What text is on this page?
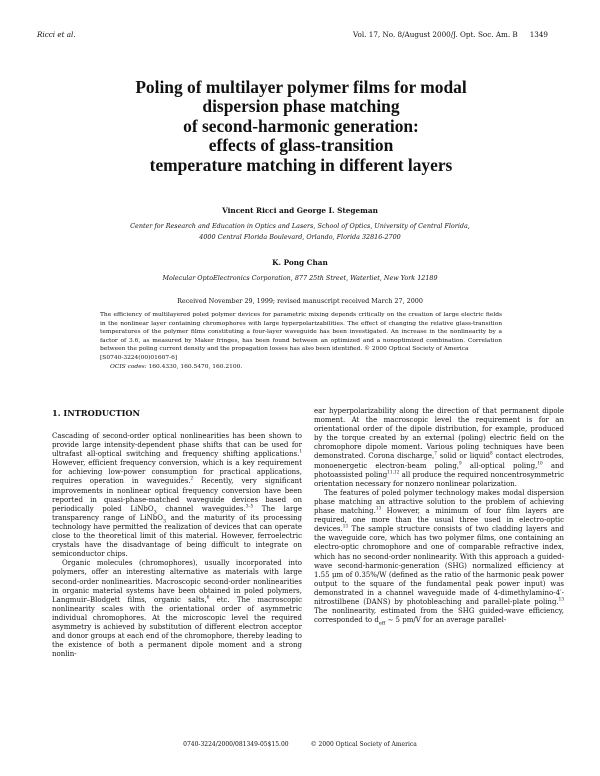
Ricci et al.	Vol. 17, No. 8/August 2000/J. Opt. Soc. Am. B 1349
Poling of multilayer polymer films for modal
dispersion phase matching
of second-harmonic generation:
effects of glass-transition
temperature matching in different layers
Vincent Ricci and George I. Stegeman
Center for Research and Education in Optics and Lasers, School of Optics, University of Central Florida,
4000 Central Florida Boulevard, Orlando, Florida 32816-2700
K. Pong Chan
Molecular OptoElectronics Corporation, 877 25th Street, Waterliet, New York 12189
Received November 29, 1999; revised manuscript received March 27, 2000

The efficiency of multilayered poled polymer devices for parametric mixing depends critically on the creation of large electric fields in the nonlinear layer containing chromophores with large hyperpolarizabilities. The effect of changing the relative glass-transition temperatures of the polymer films constituting a four-layer waveguide has been investigated. An increase in the nonlinearity by a factor of 3.6, as measured by Maker fringes, has been found between an optimized and a nonoptimized combination. Correlation between the poling current density and the propagation losses has also been identified. © 2000 Optical Society of America
[S0740-3224(00)01607-6]

OCIS codes: 160.4330, 160.5470, 160.2100.

1. INTRODUCTION

Cascading of second-order optical nonlinearities has been shown to provide large intensity-dependent phase shifts that can be used for ultrafast all-optical switching and frequency shifting applications.$^1$ However, efficient frequency conversion, which is a key requirement for achieving low-power consumption for practical applications, requires operation in waveguides.$^2$ Recently, very significant improvements in nonlinear optical frequency conversion have been reported in quasi-phase-matched waveguide devices based on periodically poled LiNbO$_3$ channel waveguides.$^{3-5}$ The large transparency range of LiNbO$_3$ and the maturity of its processing technology have permitted the realization of devices that can operate close to the theoretical limit of this material. However, ferroelectric crystals have the disadvantage of being difficult to integrate on semiconductor chips.

Organic molecules (chromophores), usually incorporated into polymers, offer an interesting alternative as materials with large second-order nonlinearities. Macroscopic second-order nonlinearities in organic material systems have been obtained in poled polymers, Langmuir–Blodgett films, organic salts,$^6$ etc. The macroscopic nonlinearity scales with the orientational order of asymmetric individual chromophores. At the microscopic level the required asymmetry is achieved by substitution of different electron acceptor and donor groups at each end of the chromophore, thereby leading to the existence of both a permanent dipole moment and a strong nonlin-

ear hyperpolarizability along the direction of that permanent dipole moment. At the macroscopic level the requirement is for an orientational order of the dipole distribution, for example, produced by the torque created by an external (poling) electric field on the chromophore dipole moment. Various poling techniques have been demonstrated. Corona discharge,$^7$ solid or liquid$^8$ contact electrodes, monoenergetic electron-beam poling,$^9$ all-optical poling,$^{10}$ and photoassisted poling$^{11,12}$ all produce the required noncentrosymmetric orientation necessary for nonzero nonlinear polarization.

The features of poled polymer technology makes modal dispersion phase matching an attractive solution to the problem of achieving phase matching.$^{13}$ However, a minimum of four film layers are required, one more than the usual three used in electro-optic devices.$^{13}$ The sample structure consists of two cladding layers and the waveguide core, which has two polymer films, one containing an electro-optic chromophore and one of comparable refractive index, which has no second-order nonlinearity. With this approach a guided-wave second-harmonic-generation (SHG) normalized efficiency at 1.55 μm of 0.35%/W (defined as the ratio of the harmonic peak power output to the square of the fundamental peak power input) was demonstrated in a channel waveguide made of 4-dimethylamino-4′-nitrostilbene (DANS) by photobleaching and parallel-plate poling.$^{13}$ The nonlinearity, estimated from the SHG guided-wave efficiency, corresponded to $d_{eff}$ ∼ 5 pm/V for an average parallel-

0740-3224/2000/081349-05$15.00	© 2000 Optical Society of America
